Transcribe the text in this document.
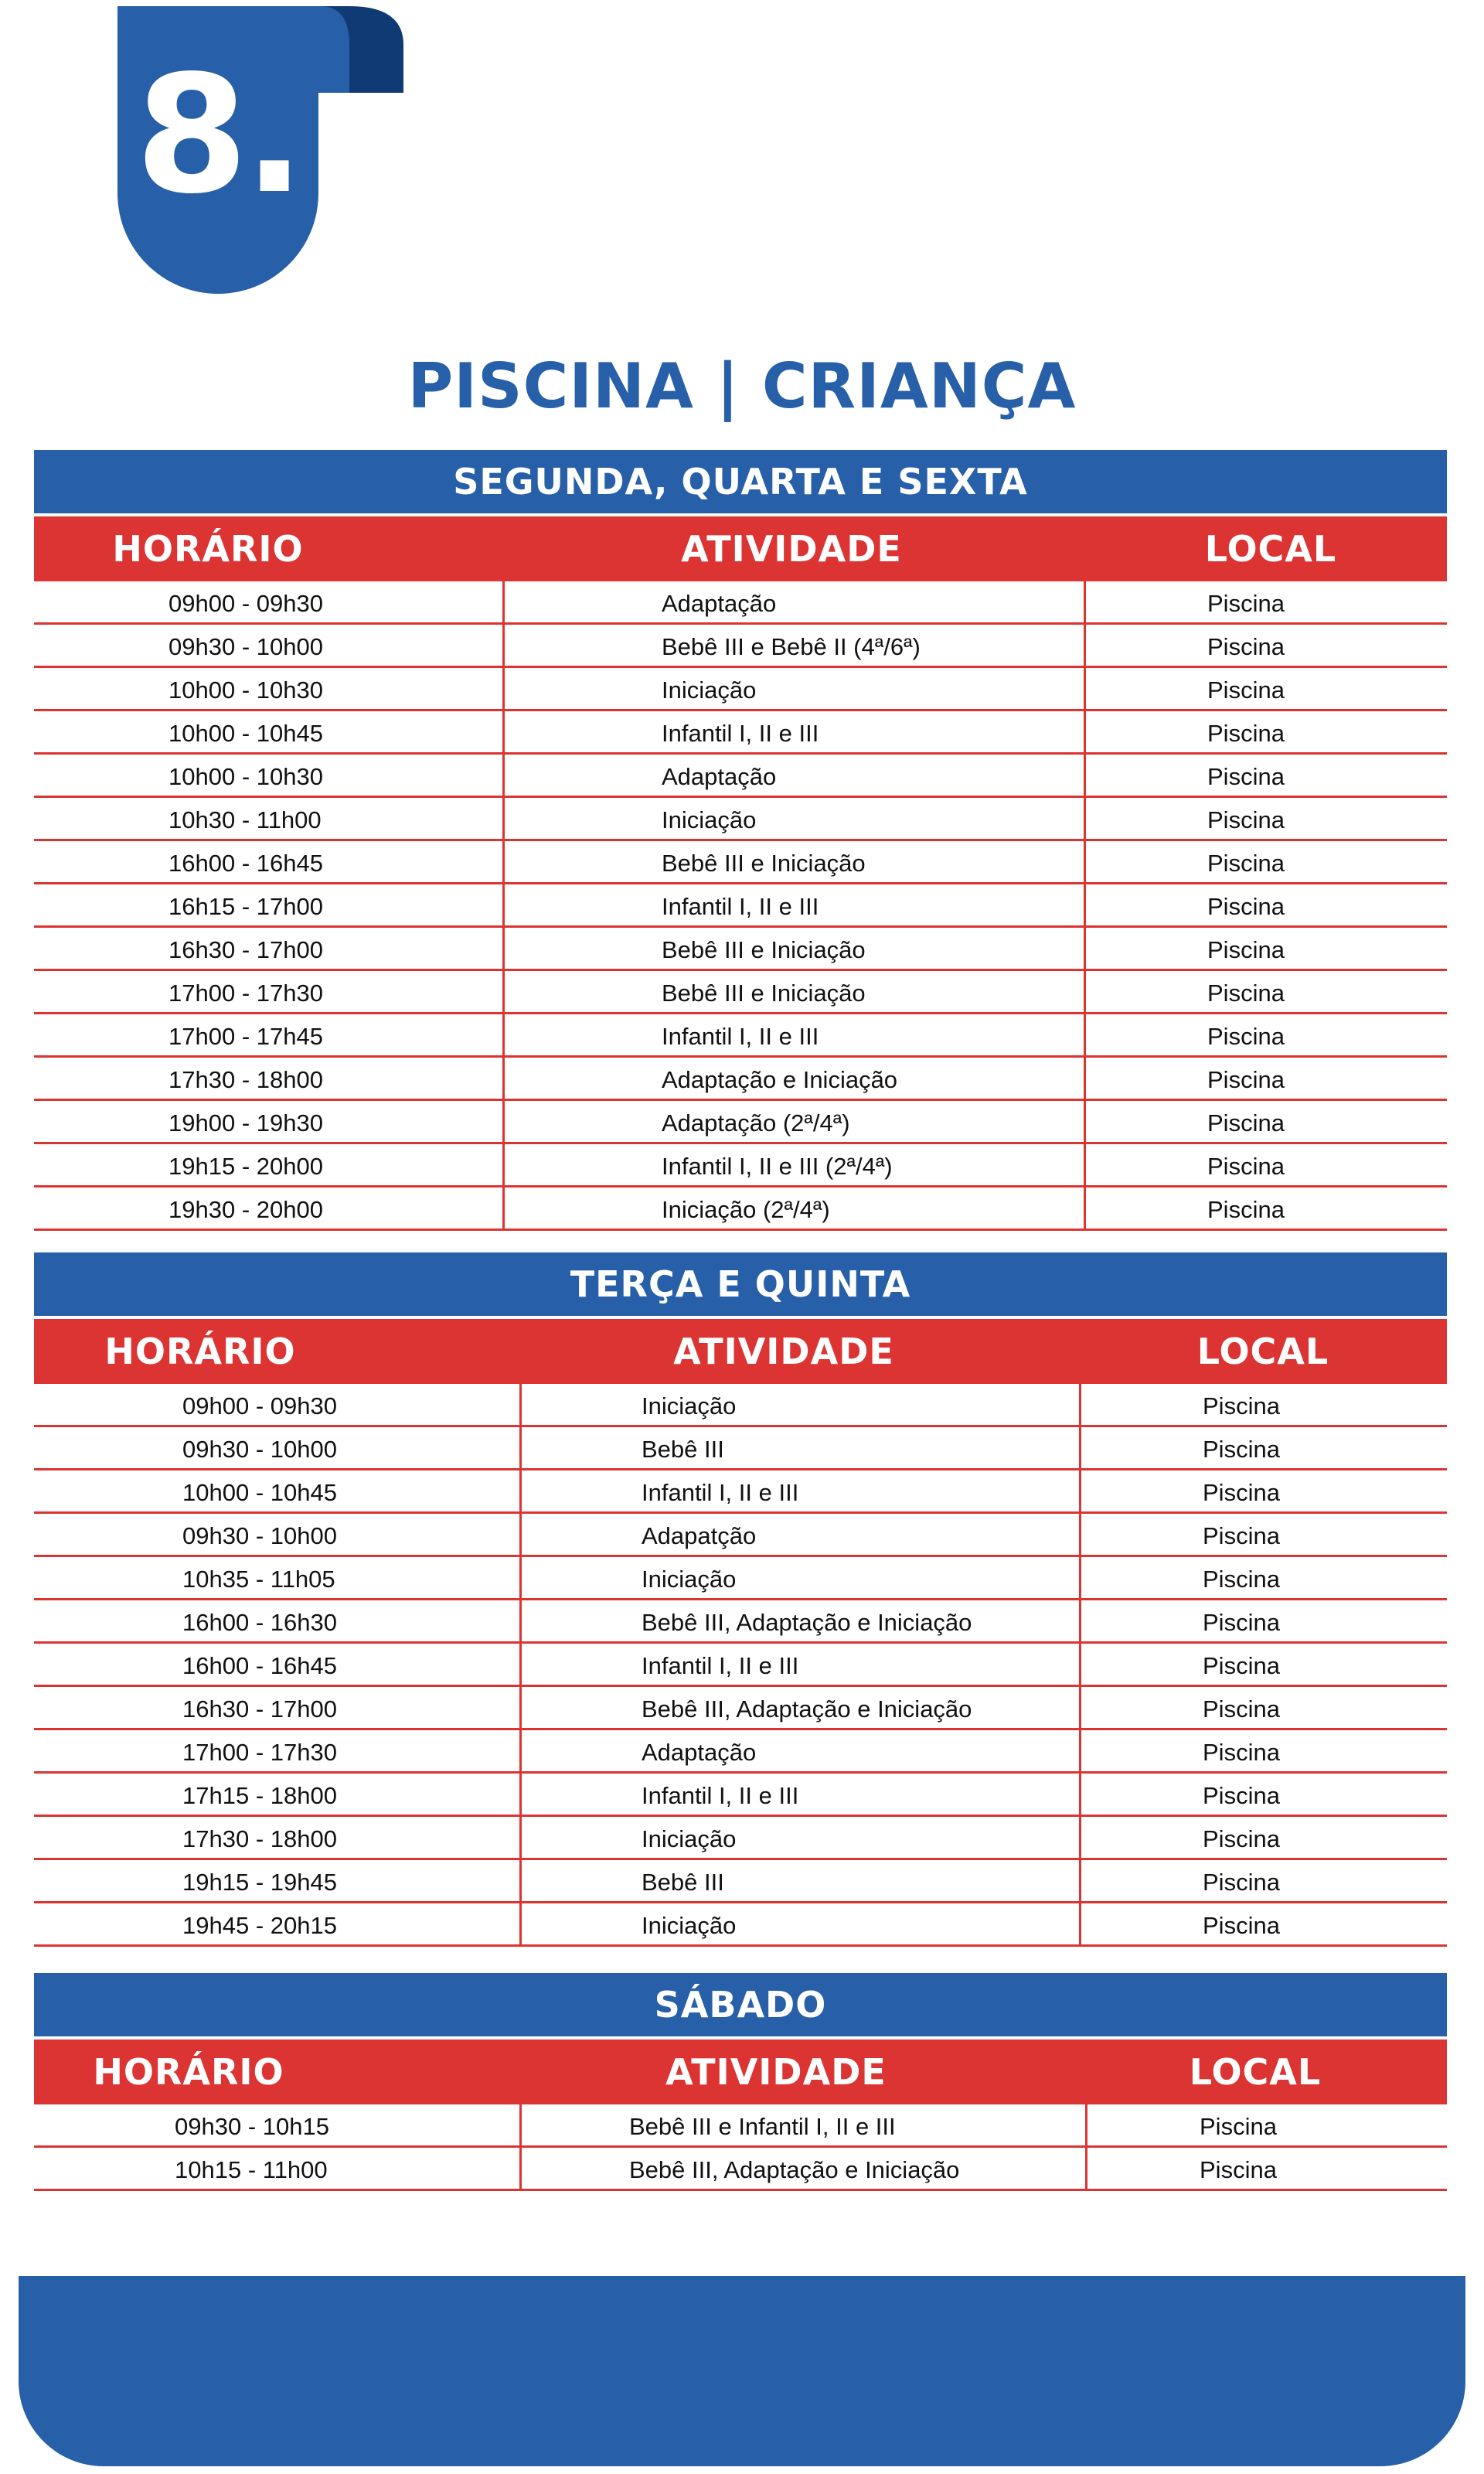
8.
PISCINA | CRIANÇA
SEGUNDA, QUARTA E SEXTA
HORÁRIO	ATIVIDADE	LOCAL
09h00 - 09h30	Adaptação	Piscina
09h30 - 10h00	Bebê III e Bebê II (4ª/6ª)	Piscina
10h00 - 10h30	Iniciação	Piscina
10h00 - 10h45	Infantil I, II e III	Piscina
10h00 - 10h30	Adaptação	Piscina
10h30 - 11h00	Iniciação	Piscina
16h00 - 16h45	Bebê III e Iniciação	Piscina
16h15 - 17h00	Infantil I, II e III	Piscina
16h30 - 17h00	Bebê III e Iniciação	Piscina
17h00 - 17h30	Bebê III e Iniciação	Piscina
17h00 - 17h45	Infantil I, II e III	Piscina
17h30 - 18h00	Adaptação e Iniciação	Piscina
19h00 - 19h30	Adaptação (2ª/4ª)	Piscina
19h15 - 20h00	Infantil I, II e III (2ª/4ª)	Piscina
19h30 - 20h00	Iniciação (2ª/4ª)	Piscina
TERÇA E QUINTA
HORÁRIO	ATIVIDADE	LOCAL
09h00 - 09h30	Iniciação	Piscina
09h30 - 10h00	Bebê III	Piscina
10h00 - 10h45	Infantil I, II e III	Piscina
09h30 - 10h00	Adapatção	Piscina
10h35 - 11h05	Iniciação	Piscina
16h00 - 16h30	Bebê III, Adaptação e Iniciação	Piscina
16h00 - 16h45	Infantil I, II e III	Piscina
16h30 - 17h00	Bebê III, Adaptação e Iniciação	Piscina
17h00 - 17h30	Adaptação	Piscina
17h15 - 18h00	Infantil I, II e III	Piscina
17h30 - 18h00	Iniciação	Piscina
19h15 - 19h45	Bebê III	Piscina
19h45 - 20h15	Iniciação	Piscina
SÁBADO
HORÁRIO	ATIVIDADE	LOCAL
09h30 - 10h15	Bebê III e Infantil I, II e III	Piscina
10h15 - 11h00	Bebê III, Adaptação e Iniciação	Piscina
